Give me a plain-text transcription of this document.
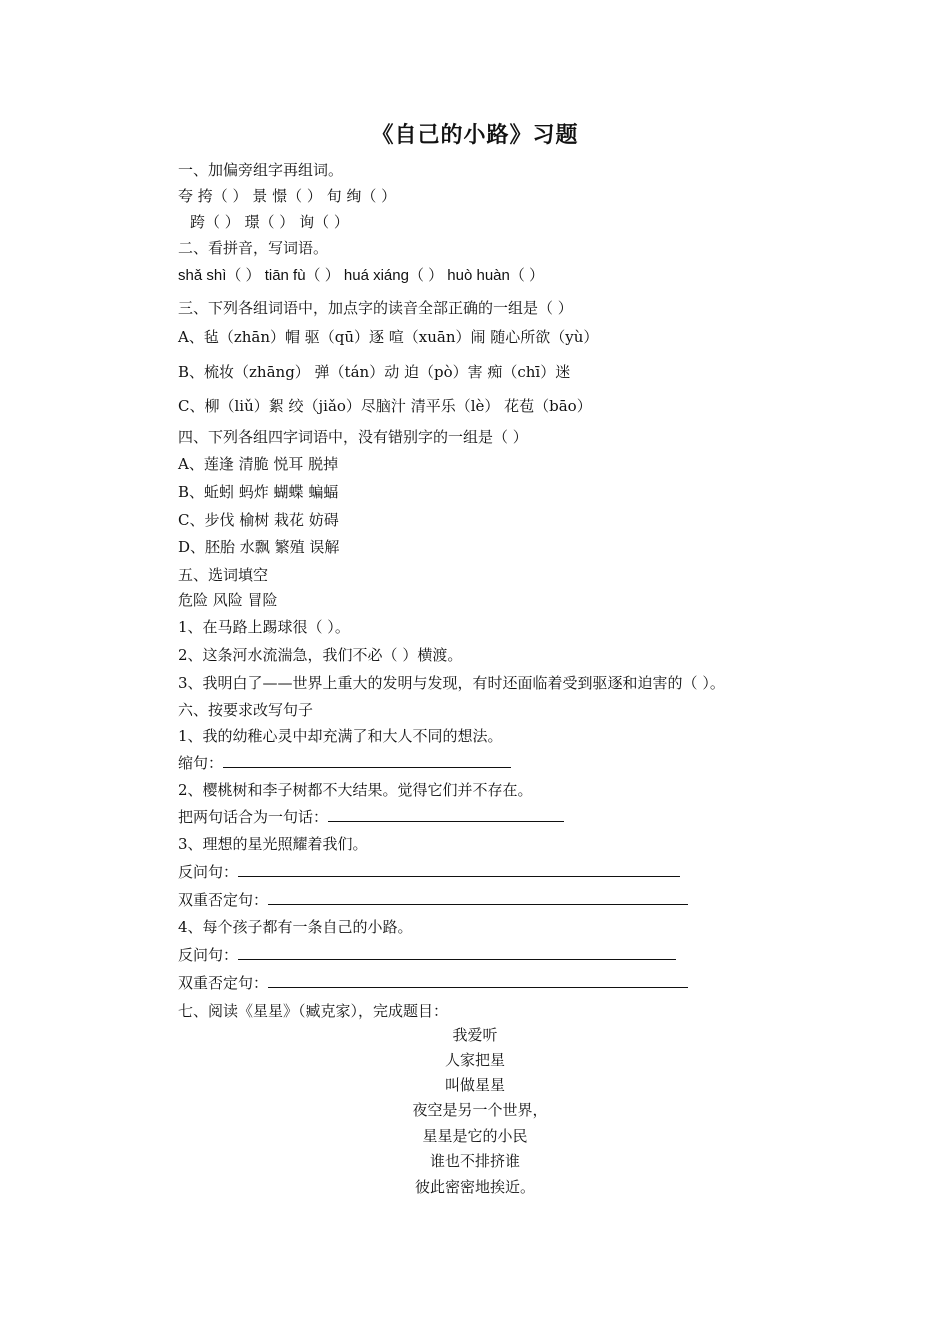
《自己的小路》习题
一、加偏旁组字再组词。
夸 挎（ ） 景 憬（ ） 旬 绚（ ）
跨（ ） 璟（ ） 询（ ）
二、看拼音，写词语。
shǎ shì（ ） tiān fù（ ） huá xiáng（ ） huò huàn（ ）
三、下列各组词语中，加点字的读音全部正确的一组是（ ）
A、毡（zhān）帽 驱（qū）逐 喧（xuān）闹 随心所欲（yù）
B、梳妆（zhāng） 弹（tán）动 迫（pò）害 痴（chī）迷
C、柳（liǔ）絮 绞（jiǎo）尽脑汁 清平乐（lè） 花苞（bāo）
四、下列各组四字词语中，没有错别字的一组是（ ）
A、莲逢 清脆 悦耳 脱掉
B、蚯蚓 蚂炸 蝴蝶 蝙蝠
C、步伐 榆树 栽花 妨碍
D、胚胎 水飘 繁殖 误解
五、选词填空
危险 风险 冒险
1、在马路上踢球很（ ）。
2、这条河水流湍急，我们不必（ ）横渡。
3、我明白了——世界上重大的发明与发现，有时还面临着受到驱逐和迫害的（ ）。
六、按要求改写句子
1、我的幼稚心灵中却充满了和大人不同的想法。
缩句：
2、樱桃树和李子树都不大结果。觉得它们并不存在。
把两句话合为一句话：
3、理想的星光照耀着我们。
反问句：
双重否定句：
4、每个孩子都有一条自己的小路。
反问句：
双重否定句：
七、阅读《星星》（臧克家），完成题目：
我爱听
人家把星
叫做星星
夜空是另一个世界，
星星是它的小民
谁也不排挤谁
彼此密密地挨近。
